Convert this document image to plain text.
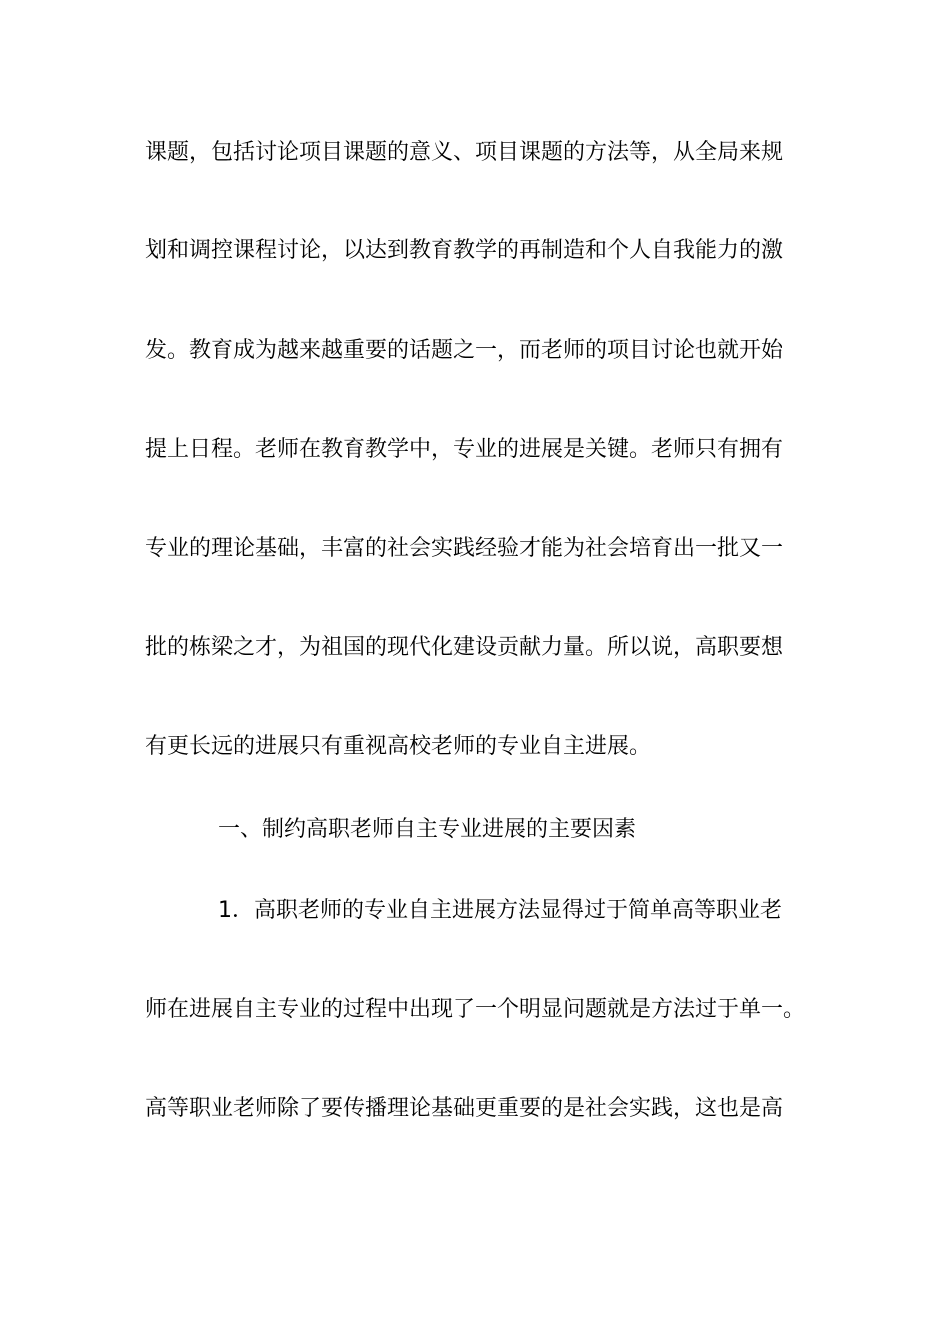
课题，包括讨论项目课题的意义、项目课题的方法等，从全局来规
划和调控课程讨论，以达到教育教学的再制造和个人自我能力的激
发。教育成为越来越重要的话题之一，而老师的项目讨论也就开始
提上日程。老师在教育教学中，专业的进展是关键。老师只有拥有
专业的理论基础，丰富的社会实践经验才能为社会培育出一批又一
批的栋梁之才，为祖国的现代化建设贡献力量。所以说，高职要想
有更长远的进展只有重视高校老师的专业自主进展。
一、制约高职老师自主专业进展的主要因素
1．高职老师的专业自主进展方法显得过于简单高等职业老
师在进展自主专业的过程中出现了一个明显问题就是方法过于单一。
高等职业老师除了要传播理论基础更重要的是社会实践，这也是高
